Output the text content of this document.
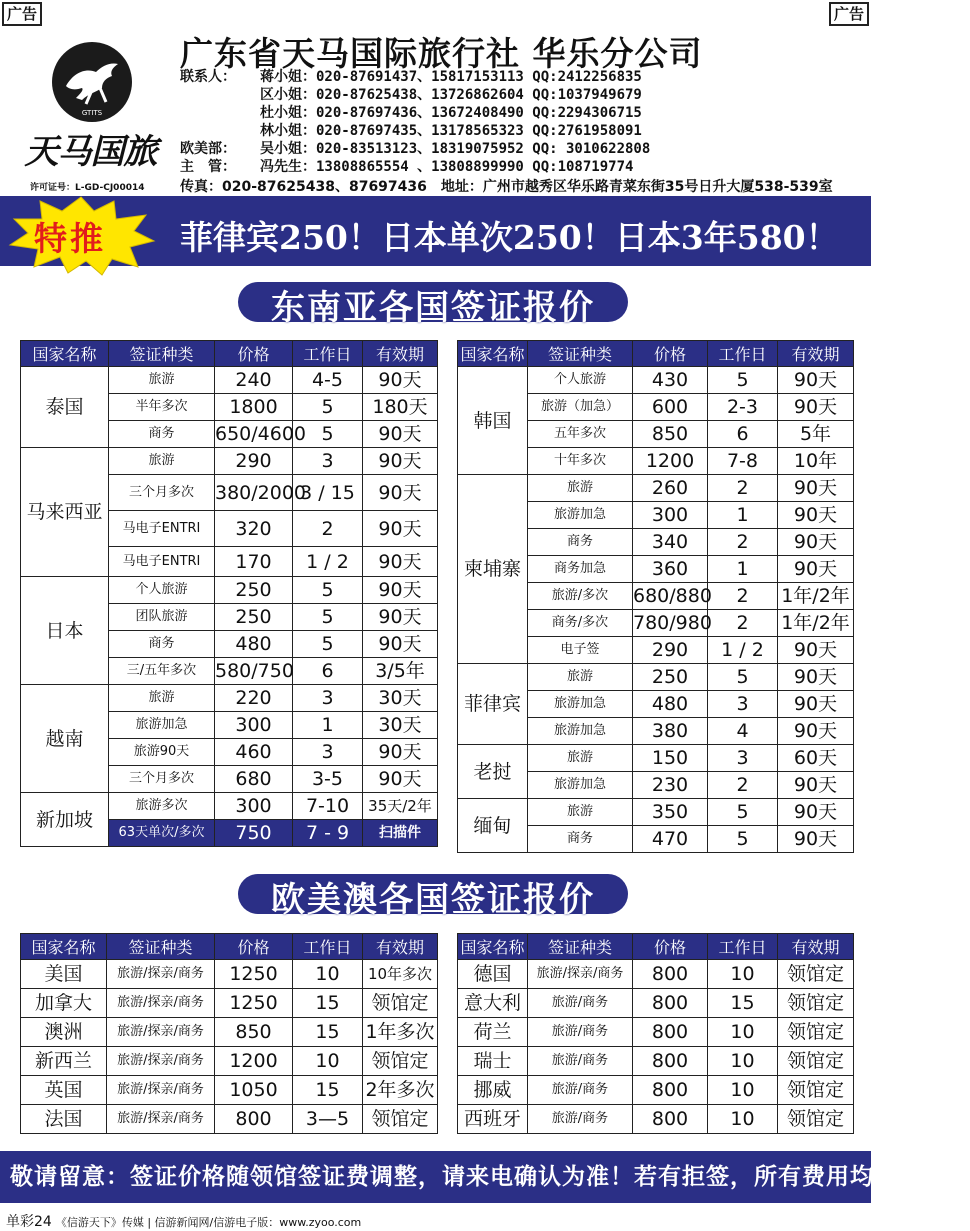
广告	广告
GTITS
天马国旅
许可证号：L-GD-CJ00014
广东省天马国际旅行社 华乐分公司
联系人： 蒋小姐：020-87691437、15817153113 QQ:2412256835
区小姐：020-87625438、13726862604 QQ:1037949679
杜小姐：020-87697436、13672408490 QQ:2294306715
林小姐：020-87697435、13178565323 QQ:2761958091
欧美部： 吴小姐：020-83513123、18319075952 QQ: 3010622808
主　管： 冯先生：13808865554 、13808899990 QQ:108719774
传真：020-87625438、87697436 地址：广州市越秀区华乐路青菜东街35号日升大厦538-539室
特推 菲律宾250！日本单次250！日本3年580！
东南亚各国签证报价
国家名称	签证种类	价格	工作日	有效期
泰国	旅游	240	4-5	90天
	半年多次	1800	5	180天
	商务	650/4600	5	90天
马来西亚	旅游	290	3	90天
	三个月多次	380/2000	3 / 15	90天
	马电子ENTRI	320	2	90天
	马电子ENTRI	170	1 / 2	90天
日本	个人旅游	250	5	90天
	团队旅游	250	5	90天
	商务	480	5	90天
	三/五年多次	580/750	6	3/5年
越南	旅游	220	3	30天
	旅游加急	300	1	30天
	旅游90天	460	3	90天
	三个月多次	680	3-5	90天
新加坡	旅游多次	300	7-10	35天/2年
	63天单次/多次	750	7 - 9	扫描件
国家名称	签证种类	价格	工作日	有效期
韩国	个人旅游	430	5	90天
	旅游（加急）	600	2-3	90天
	五年多次	850	6	5年
	十年多次	1200	7-8	10年
柬埔寨	旅游	260	2	90天
	旅游加急	300	1	90天
	商务	340	2	90天
	商务加急	360	1	90天
	旅游/多次	680/880	2	1年/2年
	商务/多次	780/980	2	1年/2年
	电子签	290	1 / 2	90天
菲律宾	旅游	250	5	90天
	旅游加急	480	3	90天
	旅游加急	380	4	90天
老挝	旅游	150	3	60天
	旅游加急	230	2	90天
缅甸	旅游	350	5	90天
	商务	470	5	90天
欧美澳各国签证报价
国家名称	签证种类	价格	工作日	有效期
美国	旅游/探亲/商务	1250	10	10年多次
加拿大	旅游/探亲/商务	1250	15	领馆定
澳洲	旅游/探亲/商务	850	15	1年多次
新西兰	旅游/探亲/商务	1200	10	领馆定
英国	旅游/探亲/商务	1050	15	2年多次
法国	旅游/探亲/商务	800	3—5	领馆定
国家名称	签证种类	价格	工作日	有效期
德国	旅游/探亲/商务	800	10	领馆定
意大利	旅游/商务	800	15	领馆定
荷兰	旅游/商务	800	10	领馆定
瑞士	旅游/商务	800	10	领馆定
挪威	旅游/商务	800	10	领馆定
西班牙	旅游/商务	800	10	领馆定
敬请留意：签证价格随领馆签证费调整，请来电确认为准！若有拒签，所有费用均不予退还
单彩24 《信游天下》传媒 | 信游新闻网/信游电子版：www.zyoo.com
